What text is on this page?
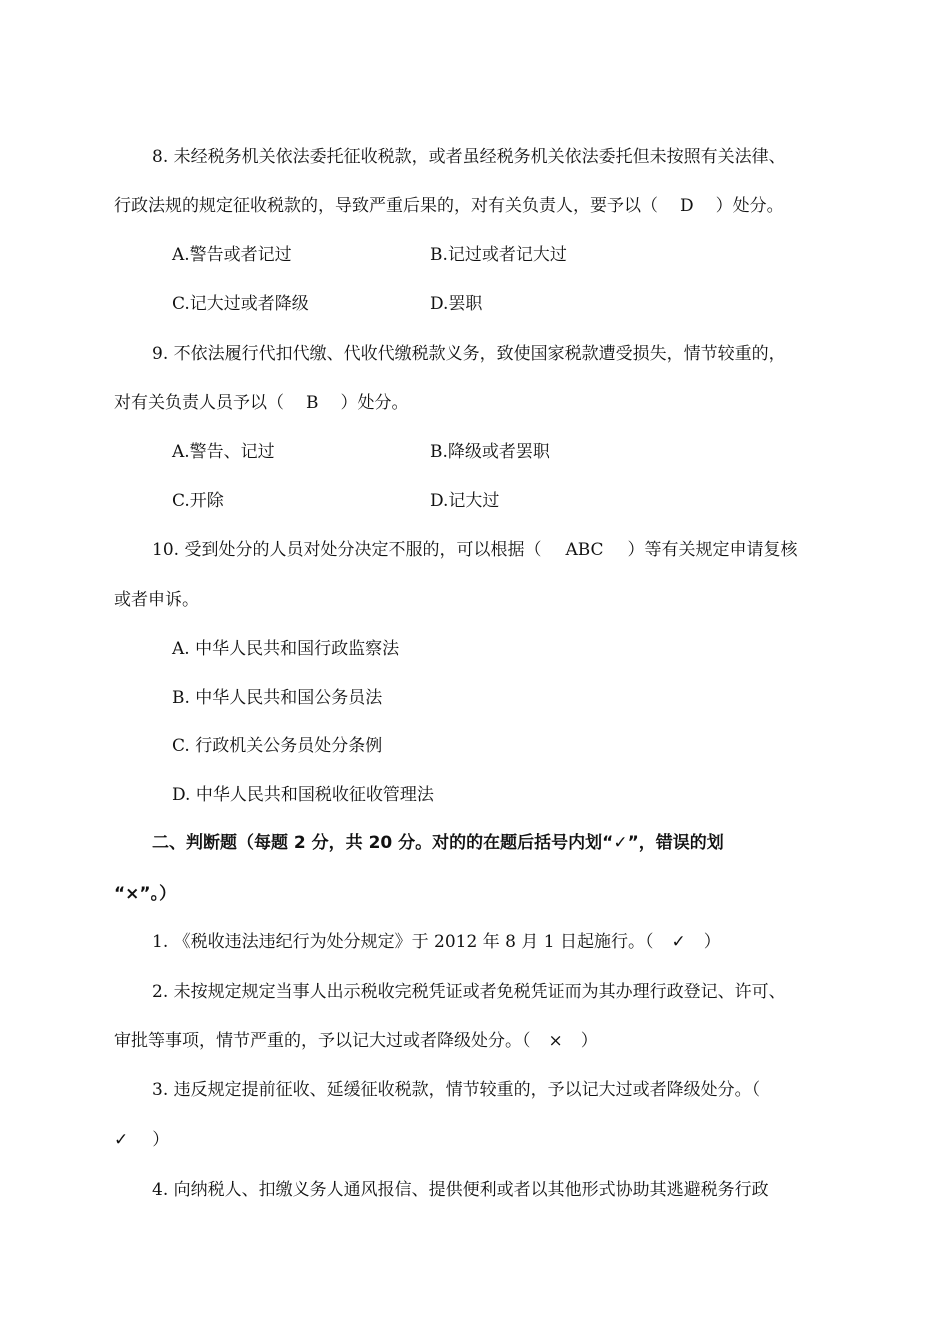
8. 未经税务机关依法委托征收税款，或者虽经税务机关依法委托但未按照有关法律、
行政法规的规定征收税款的，导致严重后果的，对有关负责人，要予以（ D ）处分。
A.警告或者记过	B.记过或者记大过
C.记大过或者降级	D.罢职
9. 不依法履行代扣代缴、代收代缴税款义务，致使国家税款遭受损失，情节较重的，
对有关负责人员予以（ B ）处分。
A.警告、记过	B.降级或者罢职
C.开除	D.记大过
10. 受到处分的人员对处分决定不服的，可以根据（ ABC ）等有关规定申请复核
或者申诉。
A. 中华人民共和国行政监察法
B. 中华人民共和国公务员法
C. 行政机关公务员处分条例
D. 中华人民共和国税收征收管理法
二、判断题（每题 2 分，共 20 分。对的的在题后括号内划“✓”，错误的划
“×”。）
1. 《税收违法违纪行为处分规定》于 2012 年 8 月 1 日起施行。（ ✓ ）
2. 未按规定规定当事人出示税收完税凭证或者免税凭证而为其办理行政登记、许可、
审批等事项，情节严重的，予以记大过或者降级处分。（ × ）
3. 违反规定提前征收、延缓征收税款，情节较重的，予以记大过或者降级处分。（
✓ ）
4. 向纳税人、扣缴义务人通风报信、提供便利或者以其他形式协助其逃避税务行政
